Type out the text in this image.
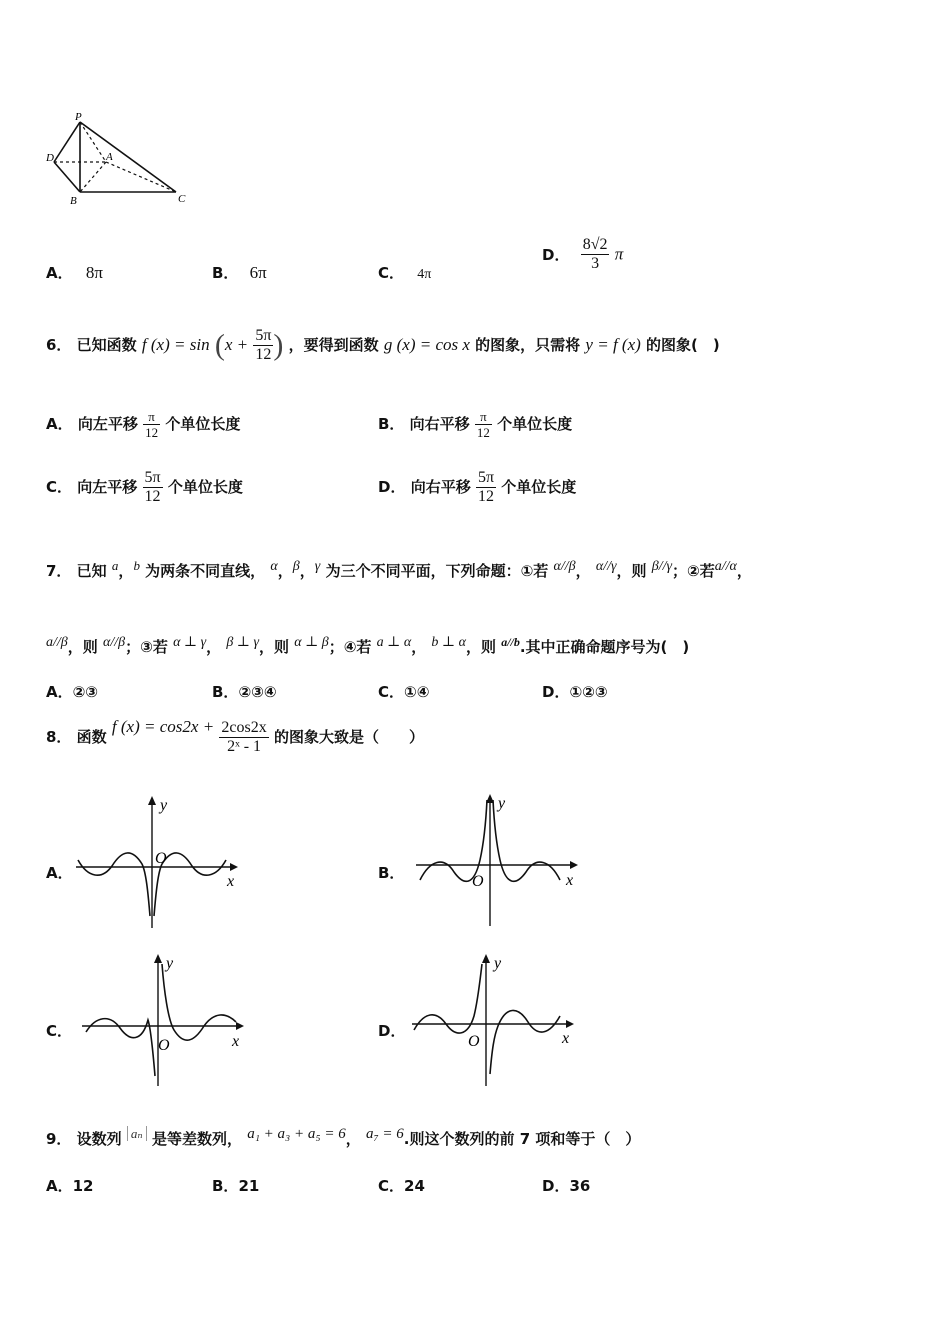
P
D	A
B	C
A． 8π	B． 6π	C． 4π
D． $\frac{8√2}{3}$ π
6． 已知函数 f $(x) = \sin (x + \frac{5\pi}{12}$ ) ，要得到函数 g (x) = cos x 的图象，只需将 y = f (x) 的图象(　)
A． 向左平移 $\frac{\pi}{12}$ 个单位长度	B． 向右平移 $\frac{\pi}{12}$ 个单位长度
C． 向左平移 $\frac{5\pi}{12}$ 个单位长度	D． 向右平移 $\frac{5\pi}{12}$ 个单位长度
7． 已知 $^a$，$^b$ 为两条不同直线， $^\alpha$，$^\beta$，$^\gamma$ 为三个不同平面，下列命题：①若 $^{\alpha//\beta}$， $^{\alpha//\gamma}$，则 $^{\beta//\gamma}$；②若$^{a//\alpha}$，
$^{a//\beta}$，则 $^{\alpha//\beta}$；③若 $^{\alpha \perp \gamma}$， $^{\beta \perp \gamma}$，则 $^{\alpha \perp \beta}$；④若 $^{a \perp \alpha}$， $^{b \perp \alpha}$，则 $^{a//b}$.其中正确命题序号为(　)
A．②③	B．②③④	C．①④	D．①②③
8． 函数 f $(x) = \cos 2x + \frac{2\cos 2x}{\text{2ˣ - 1}}$ 的图象大致是（　　）
A．
y
x
O
B．
y
x
O
C．
y
x
O
D．
y
x
O
9． 设数列 $^{a_n}$ 是等差数列， $^{a_1 + a_3 + a_5 = 6}$， $^{a_7 = 6}$.则这个数列的前 7 项和等于（　）
A．12	B．21	C．24	D．36
